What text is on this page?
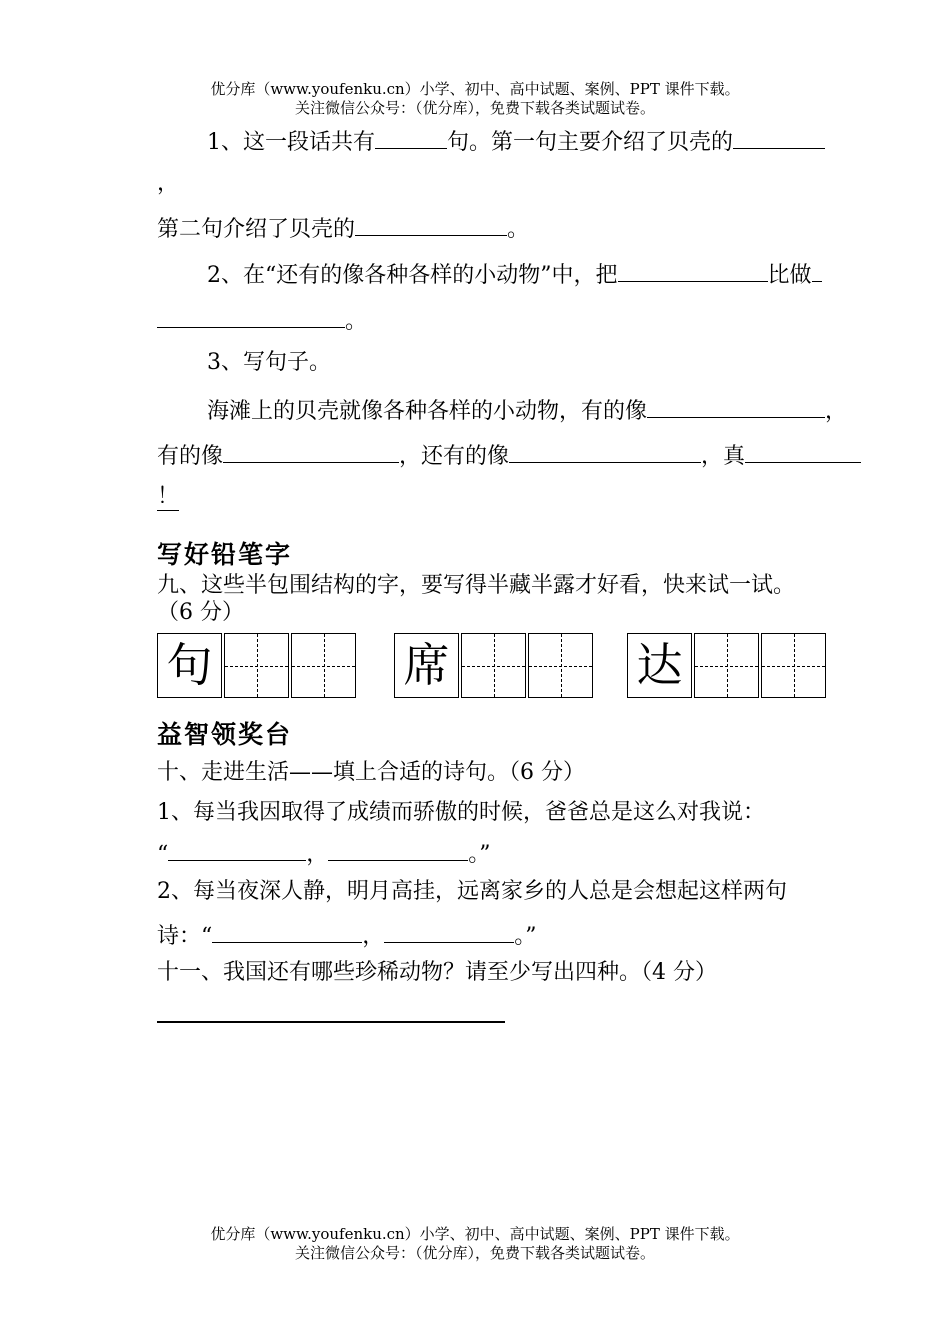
优分库（www.youfenku.cn）小学、初中、高中试题、案例、PPT 课件下载。
关注微信公众号：（优分库），免费下载各类试题试卷。
1、这一段话共有	句。第一句主要介绍了贝壳的
，
第二句介绍了贝壳的	。
2、在“还有的像各种各样的小动物”中，把	比做
。
3、写句子。
海滩上的贝壳就像各种各样的小动物，有的像	，
有的像	，还有的像	，真
！
写好铅笔字
九、这些半包围结构的字，要写得半藏半露才好看，快来试一试。
（6 分）
句	席	达
益智领奖台
十、走进生活——填上合适的诗句。（6 分）
1、每当我因取得了成绩而骄傲的时候，爸爸总是这么对我说：
“	，	。”
2、每当夜深人静，明月高挂，远离家乡的人总是会想起这样两句
诗：“	，	。”
十一、我国还有哪些珍稀动物？请至少写出四种。（4 分）
优分库（www.youfenku.cn）小学、初中、高中试题、案例、PPT 课件下载。
关注微信公众号：（优分库），免费下载各类试题试卷。
